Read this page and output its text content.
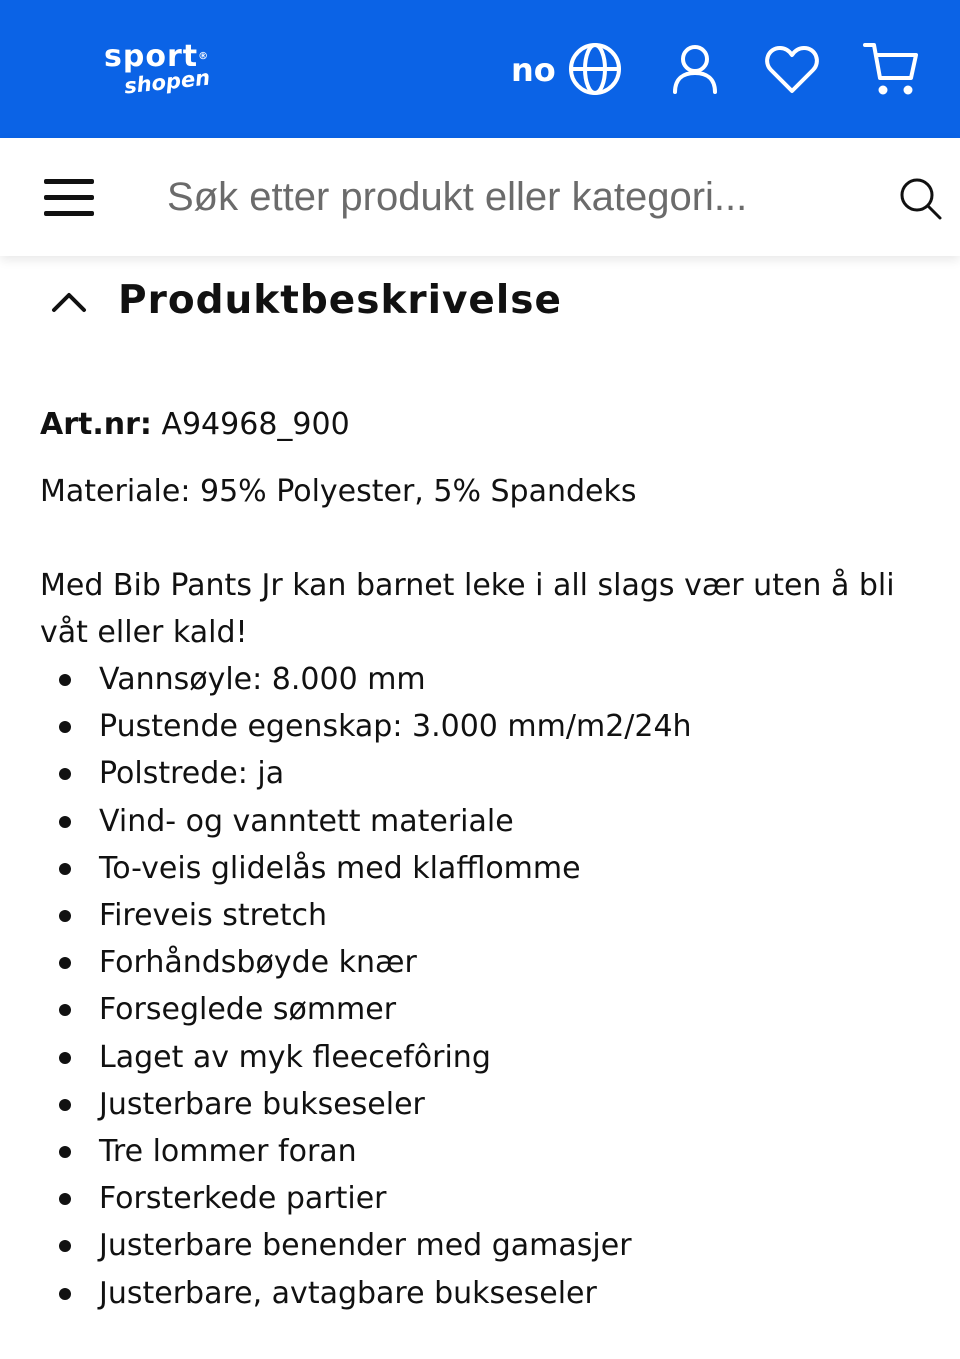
sport®
shopen	no
Søk etter produkt eller kategori...
Produktbeskrivelse

Art.nr: A94968_900

Materiale: 95% Polyester, 5% Spandeks

Med Bib Pants Jr kan barnet leke i all slags vær uten å bli våt eller kald!

Vannsøyle: 8.000 mm
Pustende egenskap: 3.000 mm/m2/24h
Polstrede: ja
Vind- og vanntett materiale
To-veis glidelås med klafflomme
Fireveis stretch
Forhåndsbøyde knær
Forseglede sømmer
Laget av myk fleecefôring
Justerbare bukseseler
Tre lommer foran
Forsterkede partier
Justerbare benender med gamasjer
Justerbare, avtagbare bukseseler
